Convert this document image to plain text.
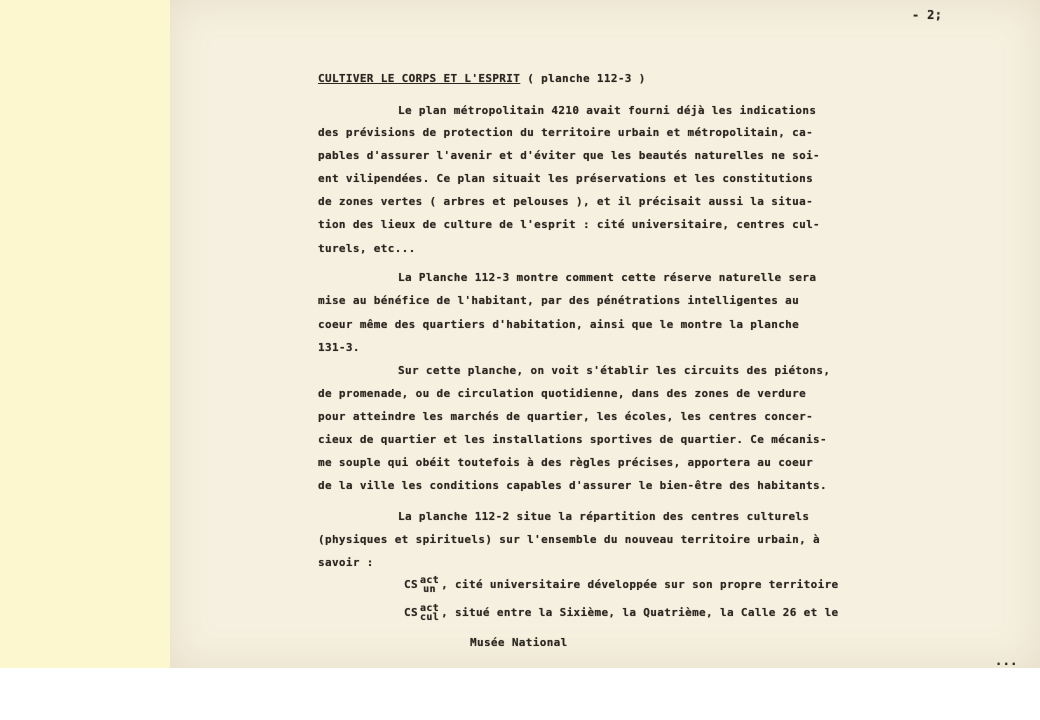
- 2;
CULTIVER LE CORPS ET L'ESPRIT ( planche 112-3 )
Le plan métropolitain 4210 avait fourni déjà les indications
des prévisions de protection du territoire urbain et métropolitain, ca-
pables d'assurer l'avenir et d'éviter que les beautés naturelles ne soi-
ent vilipendées. Ce plan situait les préservations et les constitutions
de zones vertes ( arbres et pelouses ), et il précisait aussi la situa-
tion des lieux de culture de l'esprit : cité universitaire, centres cul-
turels, etc...
La Planche 112-3 montre comment cette réserve naturelle sera
mise au bénéfice de l'habitant, par des pénétrations intelligentes au
coeur même des quartiers d'habitation, ainsi que le montre la planche
131-3.
Sur cette planche, on voit s'établir les circuits des piétons,
de promenade, ou de circulation quotidienne, dans des zones de verdure
pour atteindre les marchés de quartier, les écoles, les centres concer-
cieux de quartier et les installations sportives de quartier. Ce mécanis-
me souple qui obéit toutefois à des règles précises, apportera au coeur
de la ville les conditions capables d'assurer le bien-être des habitants.
La planche 112-2 situe la répartition des centres culturels
(physiques et spirituels) sur l'ensemble du nouveau territoire urbain, à
savoir :
CS act
un , cité universitaire développée sur son propre territoire
CS act
cul , situé entre la Sixième, la Quatrième, la Calle 26 et le
Musée National
...
